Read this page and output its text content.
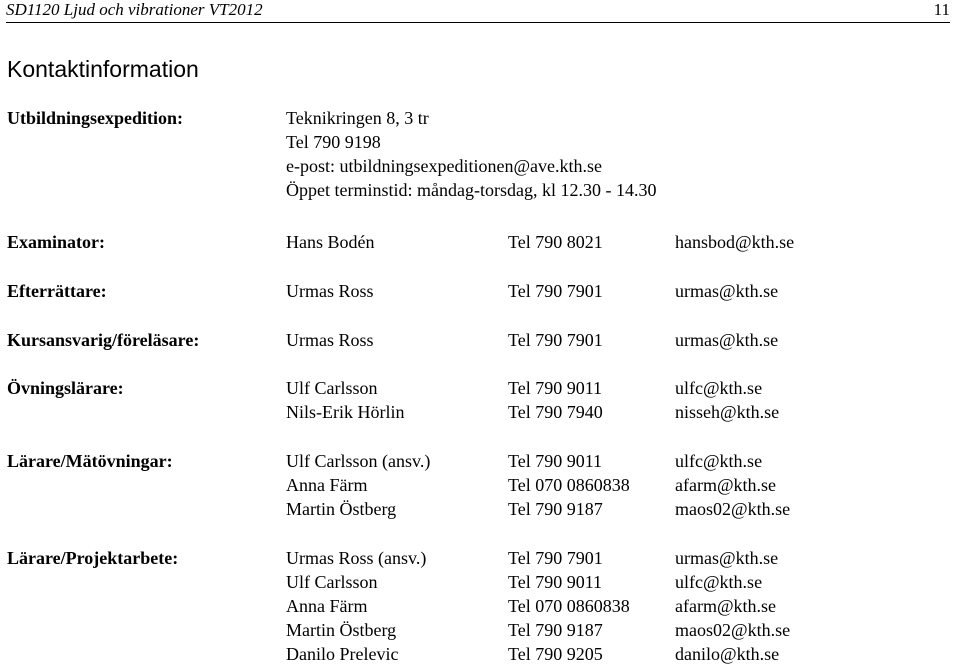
SD1120 Ljud och vibrationer VT2012	11
Kontaktinformation
Utbildningsexpedition:	Teknikringen 8, 3 tr
Tel 790 9198
e-post: utbildningsexpeditionen@ave.kth.se
Öppet terminstid: måndag-torsdag, kl 12.30 - 14.30
Examinator:	Hans Bodén	Tel 790 8021	hansbod@kth.se
Efterrättare:	Urmas Ross	Tel 790 7901	urmas@kth.se
Kursansvarig/föreläsare:	Urmas Ross	Tel 790 7901	urmas@kth.se
Övningslärare:	Ulf Carlsson	Tel 790 9011	ulfc@kth.se
Nils-Erik Hörlin	Tel 790 7940	nisseh@kth.se
Lärare/Mätövningar:	Ulf Carlsson (ansv.)	Tel 790 9011	ulfc@kth.se
Anna Färm	Tel 070 0860838	afarm@kth.se
Martin Östberg	Tel 790 9187	maos02@kth.se
Lärare/Projektarbete:	Urmas Ross (ansv.)	Tel 790 7901	urmas@kth.se
Ulf Carlsson	Tel 790 9011	ulfc@kth.se
Anna Färm	Tel 070 0860838	afarm@kth.se
Martin Östberg	Tel 790 9187	maos02@kth.se
Danilo Prelevic	Tel 790 9205	danilo@kth.se
